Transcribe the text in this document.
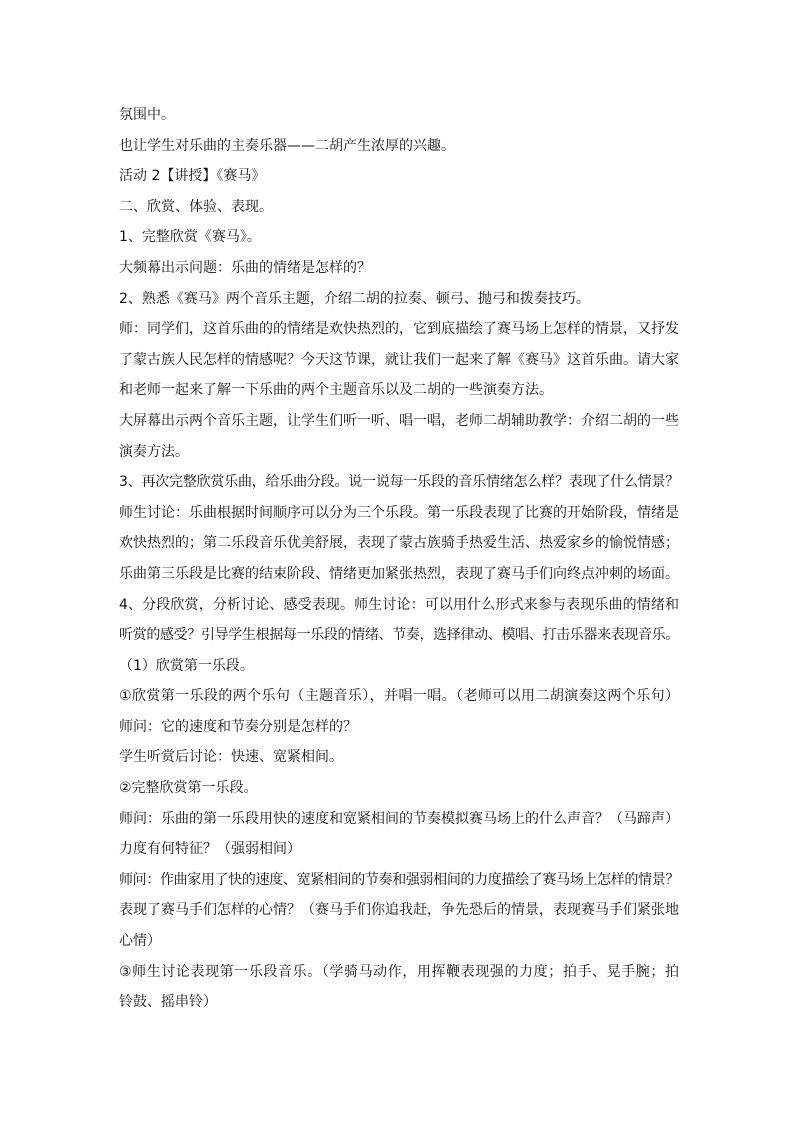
氛围中。
也让学生对乐曲的主奏乐器——二胡产生浓厚的兴趣。
活动 2【讲授】《赛马》
二、欣赏、体验、表现。
1、完整欣赏《赛马》。
大频幕出示问题：乐曲的情绪是怎样的？
2、熟悉《赛马》两个音乐主题，介绍二胡的拉奏、顿弓、抛弓和拨奏技巧。
师：同学们，这首乐曲的的情绪是欢快热烈的，它到底描绘了赛马场上怎样的情景，又抒发
了蒙古族人民怎样的情感呢？今天这节课，就让我们一起来了解《赛马》这首乐曲。请大家
和老师一起来了解一下乐曲的两个主题音乐以及二胡的一些演奏方法。
大屏幕出示两个音乐主题，让学生们听一听、唱一唱，老师二胡辅助教学：介绍二胡的一些
演奏方法。
3、再次完整欣赏乐曲，给乐曲分段。说一说每一乐段的音乐情绪怎么样？表现了什么情景？
师生讨论：乐曲根据时间顺序可以分为三个乐段。第一乐段表现了比赛的开始阶段，情绪是
欢快热烈的；第二乐段音乐优美舒展，表现了蒙古族骑手热爱生活、热爱家乡的愉悦情感；
乐曲第三乐段是比赛的结束阶段、情绪更加紧张热烈，表现了赛马手们向终点冲刺的场面。
4、分段欣赏，分析讨论、感受表现。师生讨论：可以用什么形式来参与表现乐曲的情绪和
听赏的感受？引导学生根据每一乐段的情绪、节奏，选择律动、模唱、打击乐器来表现音乐。
（1）欣赏第一乐段。
①欣赏第一乐段的两个乐句（主题音乐），并唱一唱。（老师可以用二胡演奏这两个乐句）
师问：它的速度和节奏分别是怎样的？
学生听赏后讨论：快速、宽紧相间。
②完整欣赏第一乐段。
师问：乐曲的第一乐段用快的速度和宽紧相间的节奏模拟赛马场上的什么声音？（马蹄声）
力度有何特征？（强弱相间）
师问：作曲家用了快的速度、宽紧相间的节奏和强弱相间的力度描绘了赛马场上怎样的情景？
表现了赛马手们怎样的心情？（赛马手们你追我赶，争先恐后的情景，表现赛马手们紧张地
心情）
③师生讨论表现第一乐段音乐。（学骑马动作，用挥鞭表现强的力度；拍手、晃手腕；拍
铃鼓、摇串铃）
